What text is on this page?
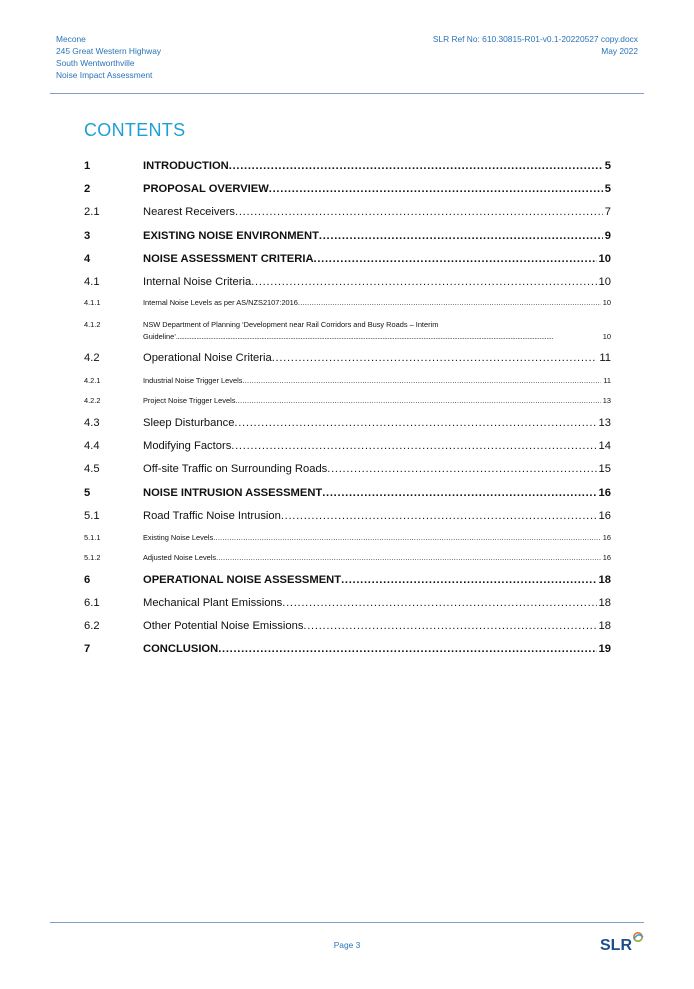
Mecone
245 Great Western Highway
South Wentworthville
Noise Impact Assessment
SLR Ref No: 610.30815-R01-v0.1-20220527 copy.docx
May 2022
CONTENTS
1	INTRODUCTION . . .	5
2	PROPOSAL OVERVIEW . . .	5
2.1	Nearest Receivers . . .	7
3	EXISTING NOISE ENVIRONMENT . . .	9
4	NOISE ASSESSMENT CRITERIA . . .	10
4.1	Internal Noise Criteria . . .	10
4.1.1	Internal Noise Levels as per AS/NZS2107:2016 . . .	10
4.1.2	NSW Department of Planning ‘Development near Rail Corridors and Busy Roads – Interim
Guideline’ . . .	10
4.2	Operational Noise Criteria . . .	11
4.2.1	Industrial Noise Trigger Levels . . .	11
4.2.2	Project Noise Trigger Levels . . .	13
4.3	Sleep Disturbance . . .	13
4.4	Modifying Factors . . .	14
4.5	Off-site Traffic on Surrounding Roads . . .	15
5	NOISE INTRUSION ASSESSMENT . . .	16
5.1	Road Traffic Noise Intrusion . . .	16
5.1.1	Existing Noise Levels . . .	16
5.1.2	Adjusted Noise Levels . . .	16
6	OPERATIONAL NOISE ASSESSMENT . . .	18
6.1	Mechanical Plant Emissions . . .	18
6.2	Other Potential Noise Emissions . . .	18
7	CONCLUSION . . .	19
Page 3	SLR
